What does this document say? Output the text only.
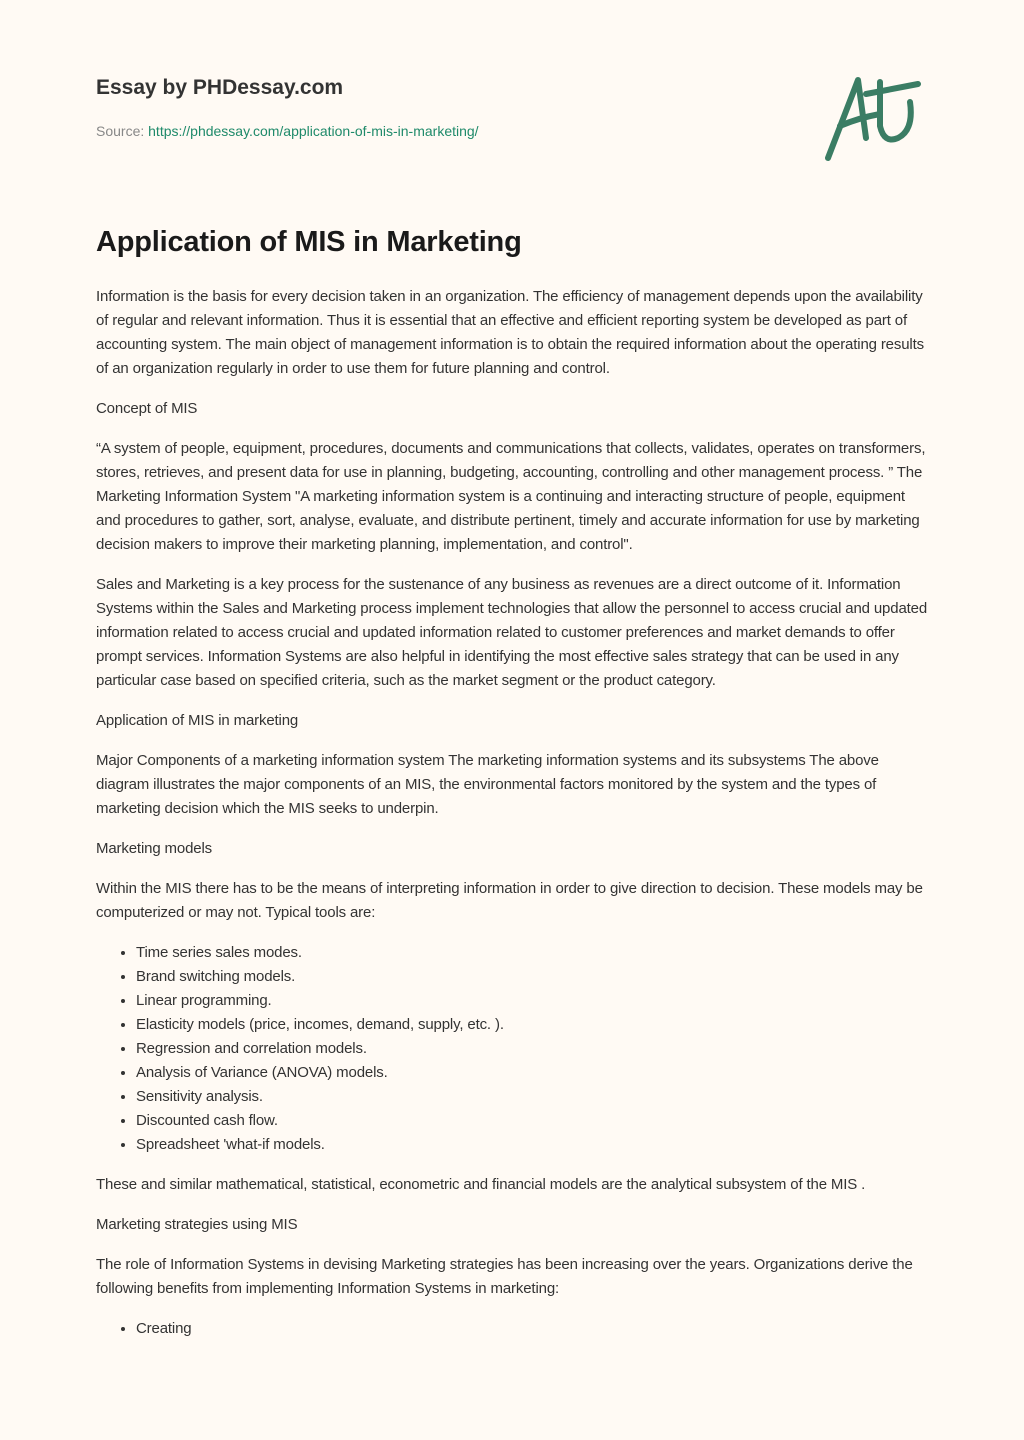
Essay by PHDessay.com
Source: https://phdessay.com/application-of-mis-in-marketing/
Application of MIS in Marketing

Information is the basis for every decision taken in an organization. The efficiency of management depends upon the availability of regular and relevant information. Thus it is essential that an effective and efficient reporting system be developed as part of accounting system. The main object of management information is to obtain the required information about the operating results of an organization regularly in order to use them for future planning and control.

Concept of MIS

“A system of people, equipment, procedures, documents and communications that collects, validates, operates on transformers, stores, retrieves, and present data for use in planning, budgeting, accounting, controlling and other management process. ” The Marketing Information System "A marketing information system is a continuing and interacting structure of people, equipment and procedures to gather, sort, analyse, evaluate, and distribute pertinent, timely and accurate information for use by marketing decision makers to improve their marketing planning, implementation, and control".

Sales and Marketing is a key process for the sustenance of any business as revenues are a direct outcome of it. Information Systems within the Sales and Marketing process implement technologies that allow the personnel to access crucial and updated information related to access crucial and updated information related to customer preferences and market demands to offer prompt services. Information Systems are also helpful in identifying the most effective sales strategy that can be used in any particular case based on specified criteria, such as the market segment or the product category.

Application of MIS in marketing

Major Components of a marketing information system The marketing information systems and its subsystems The above diagram illustrates the major components of an MIS, the environmental factors monitored by the system and the types of marketing decision which the MIS seeks to underpin.

Marketing models

Within the MIS there has to be the means of interpreting information in order to give direction to decision. These models may be computerized or may not. Typical tools are:

• Time series sales modes.
• Brand switching models.
• Linear programming.
• Elasticity models (price, incomes, demand, supply, etc. ).
• Regression and correlation models.
• Analysis of Variance (ANOVA) models.
• Sensitivity analysis.
• Discounted cash flow.
• Spreadsheet 'what-if models.

These and similar mathematical, statistical, econometric and financial models are the analytical subsystem of the MIS .

Marketing strategies using MIS

The role of Information Systems in devising Marketing strategies has been increasing over the years. Organizations derive the following benefits from implementing Information Systems in marketing:

• Creating
